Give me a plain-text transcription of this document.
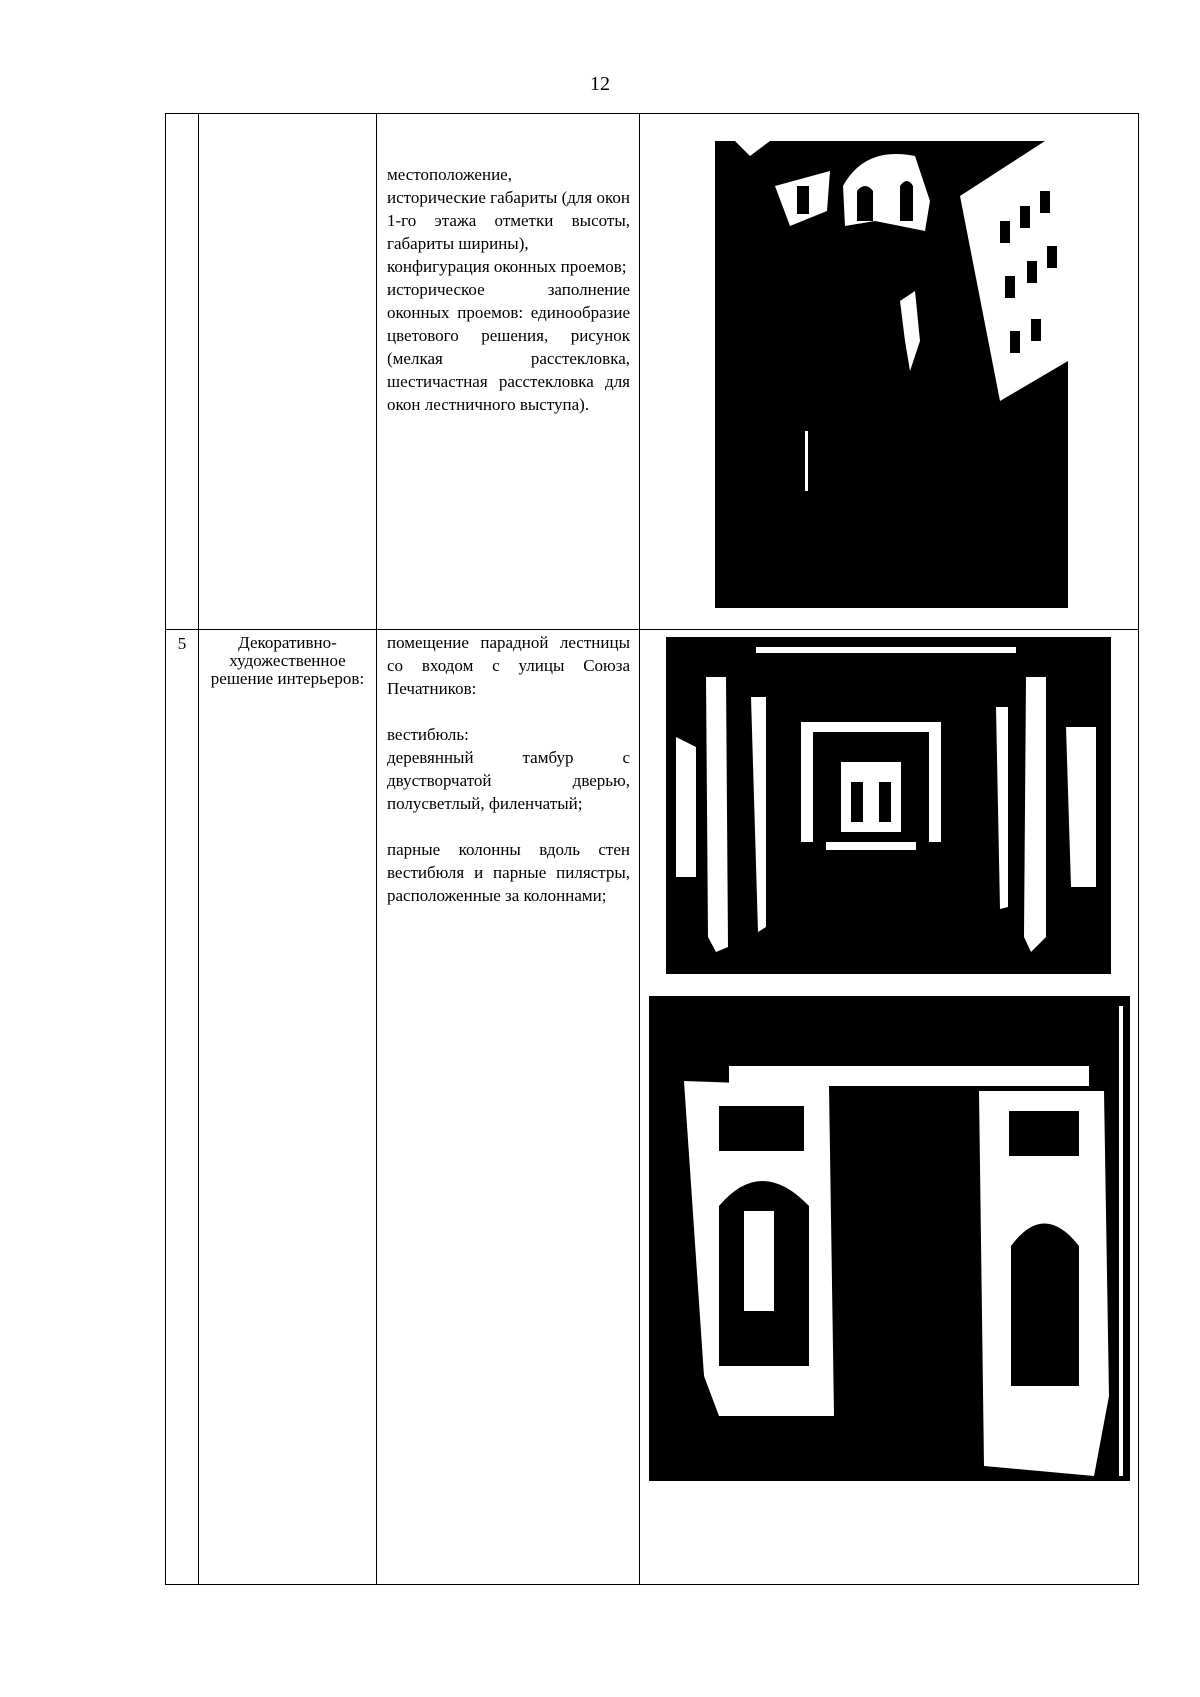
12

		местоположение,
исторические габариты (для окон 1-го этажа отметки высоты, габариты ширины),
конфигурация оконных проемов;
историческое заполнение оконных проемов: единообразие цветового решения, рисунок (мелкая расстекловка, шестичастная расстекловка для окон лестничного выступа).

5	Декоративно-художественное решение интерьеров:	помещение парадной лестницы со входом с улицы Союза Печатников:

вестибюль:
деревянный тамбур с двустворчатой дверью, полусветлый, филенчатый;

парные колонны вдоль стен вестибюля и парные пилястры, расположенные за колоннами;
